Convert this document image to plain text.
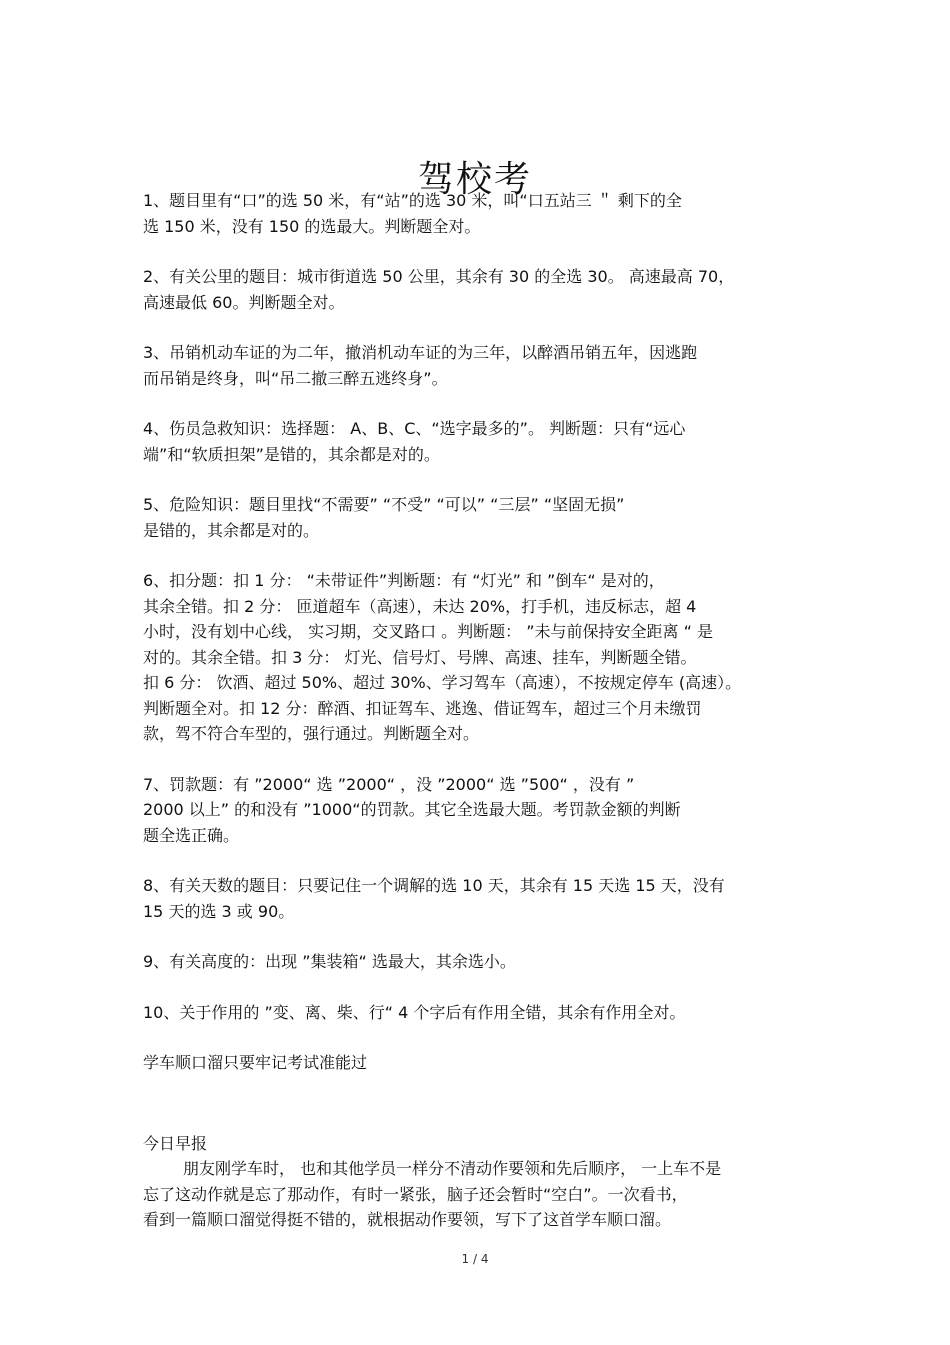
驾校考

1、题目里有“口”的选 50 米，有“站”的选 30 米，叫“口五站三 ＂ 剩下的全
选 150 米，没有 150 的选最大。判断题全对。

2、有关公里的题目：城市街道选 50 公里，其余有 30 的全选 30。 高速最高 70，
高速最低 60。判断题全对。

3、吊销机动车证的为二年，撤消机动车证的为三年，以醉酒吊销五年，因逃跑
而吊销是终身，叫“吊二撤三醉五逃终身”。

4、伤员急救知识：选择题： A、B、C、“选字最多的”。 判断题：只有“远心
端”和“软质担架”是错的，其余都是对的。

5、危险知识：题目里找“不需要” “不受” “可以” “三层” “坚固无损”
是错的，其余都是对的。

6、扣分题：扣 1 分： “未带证件”判断题：有 “灯光” 和 ”倒车“ 是对的，
其余全错。扣 2 分： 匝道超车（高速），未达 20%，打手机，违反标志，超 4
小时，没有划中心线， 实习期，交叉路口 。判断题： ”未与前保持安全距离 “ 是
对的。其余全错。扣 3 分： 灯光、信号灯、号牌、高速、挂车，判断题全错。
扣 6 分： 饮酒、超过 50%、超过 30%、学习驾车（高速），不按规定停车 (高速）。
判断题全对。扣 12 分：醉酒、扣证驾车、逃逸、借证驾车，超过三个月未缴罚
款，驾不符合车型的，强行通过。判断题全对。

7、罚款题：有 ”2000“ 选 ”2000“ ，没 ”2000“ 选 ”500“ ，没有 ”
2000 以上” 的和没有 ”1000“的罚款。其它全选最大题。考罚款金额的判断
题全选正确。

8、有关天数的题目：只要记住一个调解的选 10 天，其余有 15 天选 15 天，没有
15 天的选 3 或 90。

9、有关高度的：出现 ”集装箱“ 选最大，其余选小。

10、关于作用的 ”变、离、柴、行“ 4 个字后有作用全错，其余有作用全对。

学车顺口溜只要牢记考试准能过

今日早报

朋友刚学车时， 也和其他学员一样分不清动作要领和先后顺序， 一上车不是
忘了这动作就是忘了那动作，有时一紧张，脑子还会暂时“空白”。一次看书，
看到一篇顺口溜觉得挺不错的，就根据动作要领，写下了这首学车顺口溜。
1 / 4
